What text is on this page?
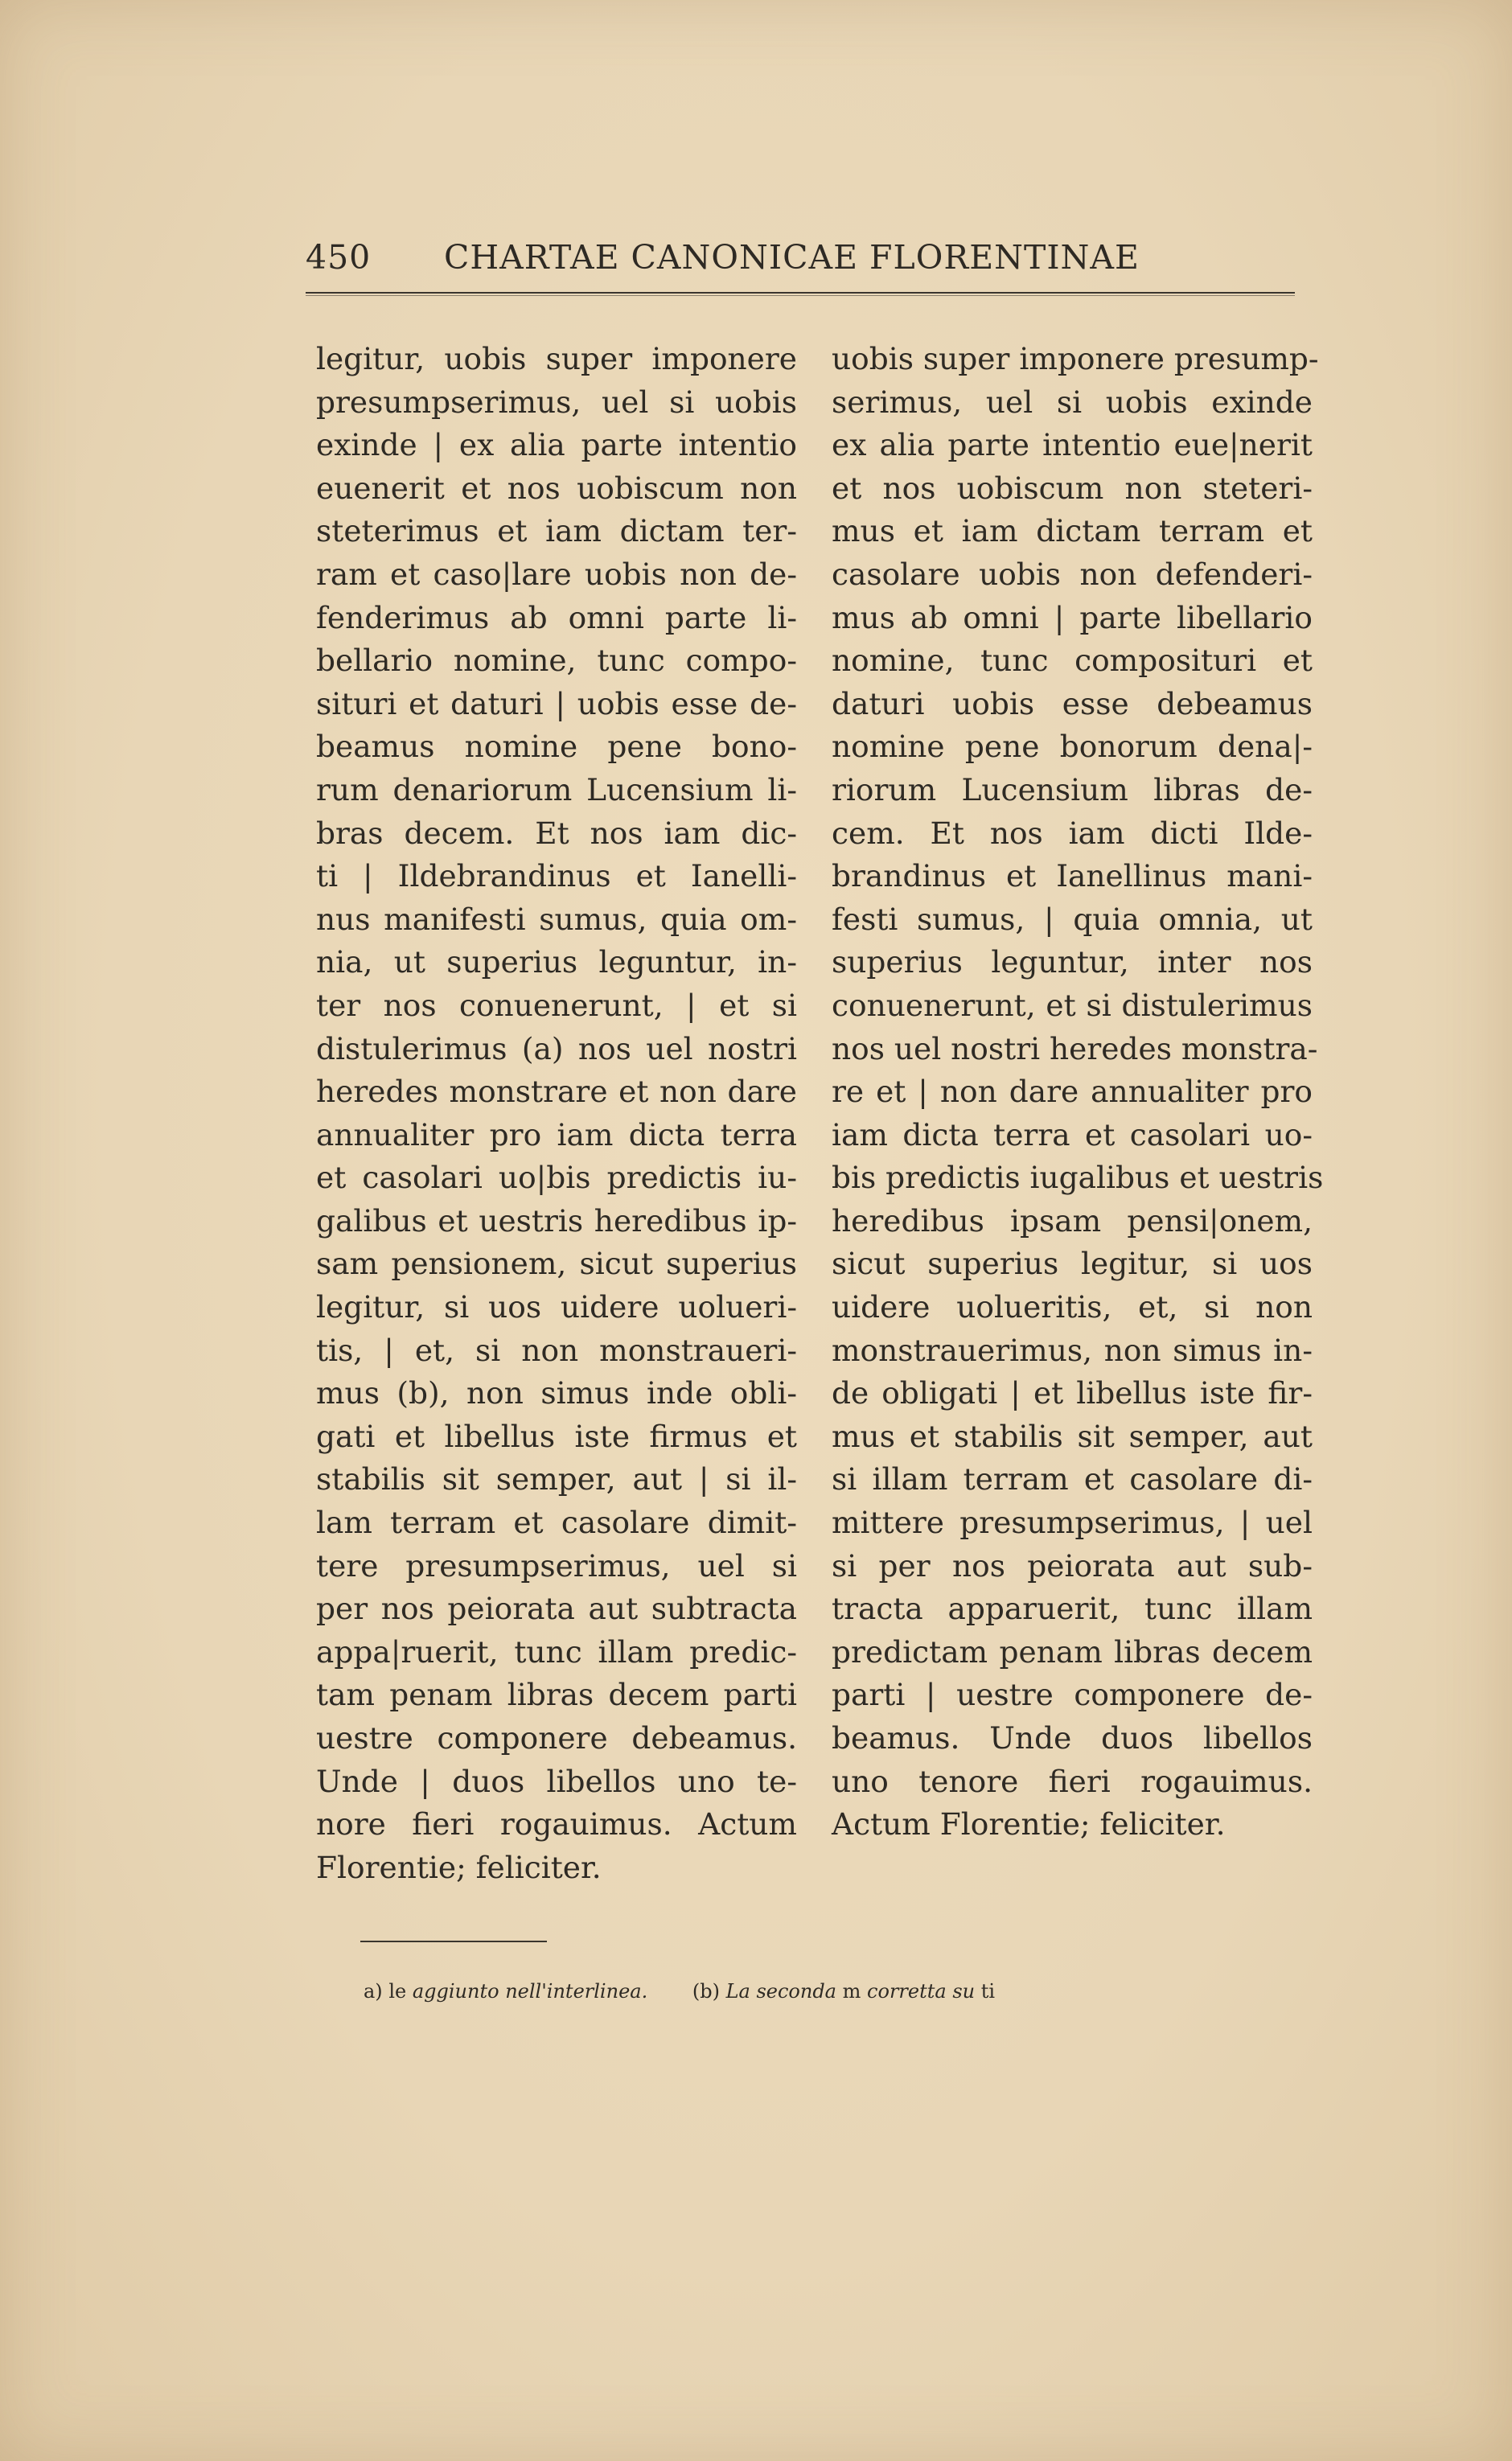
450 CHARTAE CANONICAE FLORENTINAE
legitur, uobis super imponere
presumpserimus, uel si uobis
exinde | ex alia parte intentio
euenerit et nos uobiscum non
steterimus et iam dictam ter-
ram et caso|lare uobis non de-
fenderimus ab omni parte li-
bellario nomine, tunc compo-
situri et daturi | uobis esse de-
beamus nomine pene bono-
rum denariorum Lucensium li-
bras decem. Et nos iam dic-
ti | Ildebrandinus et Ianelli-
nus manifesti sumus, quia om-
nia, ut superius leguntur, in-
ter nos conuenerunt, | et si
distulerimus (a) nos uel nostri
heredes monstrare et non dare
annualiter pro iam dicta terra
et casolari uo|bis predictis iu-
galibus et uestris heredibus ip-
sam pensionem, sicut superius
legitur, si uos uidere uolueri-
tis, | et, si non monstraueri-
mus (b), non simus inde obli-
gati et libellus iste firmus et
stabilis sit semper, aut | si il-
lam terram et casolare dimit-
tere presumpserimus, uel si
per nos peiorata aut subtracta
appa|ruerit, tunc illam predic-
tam penam libras decem parti
uestre componere debeamus.
Unde | duos libellos uno te-
nore fieri rogauimus. Actum
Florentie; feliciter.
uobis super imponere presump-
serimus, uel si uobis exinde
ex alia parte intentio eue|nerit
et nos uobiscum non steteri-
mus et iam dictam terram et
casolare uobis non defenderi-
mus ab omni | parte libellario
nomine, tunc compositurі et
daturi uobis esse debeamus
nomine pene bonorum dena|-
riorum Lucensium libras de-
cem. Et nos iam dicti Ilde-
brandinus et Ianellinus mani-
festi sumus, | quia omnia, ut
superius leguntur, inter nos
conuenerunt, et si distulerimus
nos uel nostri heredes monstra-
re et | non dare annualiter pro
iam dicta terra et casolari uo-
bis predictis iugalibus et uestris
heredibus ipsam pensi|onem,
sicut superius legitur, si uos
uidere uolueritis, et, si non
monstrauerimus, non simus in-
de obligati | et libellus iste fir-
mus et stabilis sit semper, aut
si illam terram et casolare di-
mittere presumpserimus, | uel
si per nos peiorata aut sub-
tracta apparuerit, tunc illam
predictam penam libras decem
parti | uestre componere de-
beamus. Unde duos libellos
uno tenore fieri rogauimus.
Actum Florentie; feliciter.
a) le aggiunto nell'interlinea. (b) La seconda m corretta su ti
